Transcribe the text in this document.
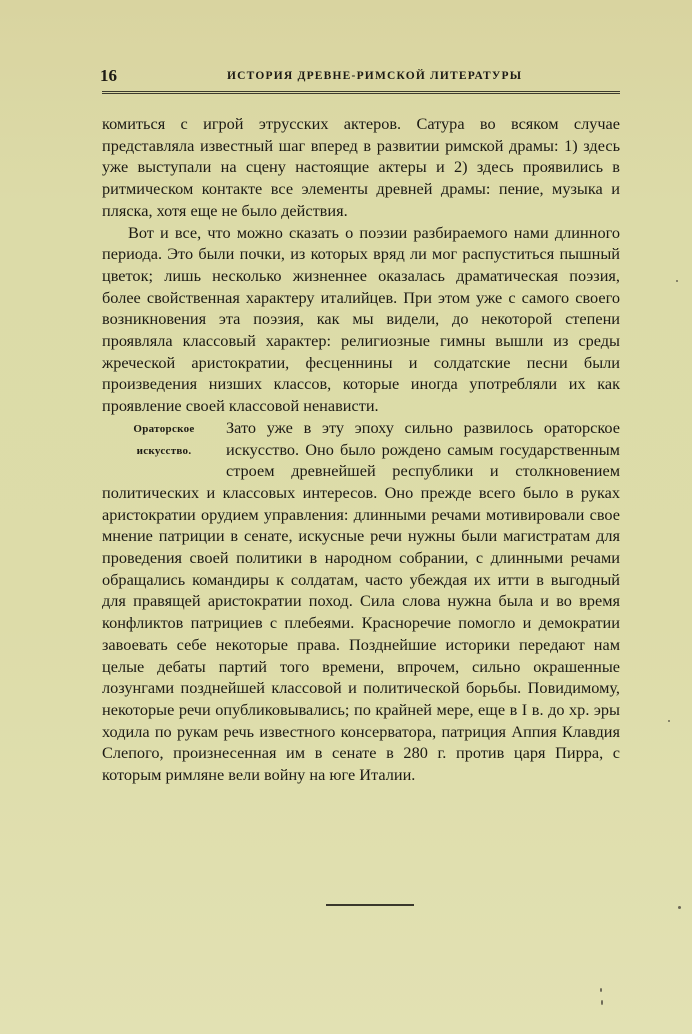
16	ИСТОРИЯ ДРЕВНЕ-РИМСКОЙ ЛИТЕРАТУРЫ

комиться с игрой этрусских актеров. Сатура во всяком случае представляла известный шаг вперед в развитии римской драмы: 1) здесь уже выступали на сцену настоящие актеры и 2) здесь проявились в ритмическом контакте все элементы древней драмы: пение, музыка и пляска, хотя еще не было действия.

Вот и все, что можно сказать о поэзии разбираемого нами длинного периода. Это были почки, из которых вряд ли мог распуститься пышный цветок; лишь несколько жизненнее оказалась драматическая поэзия, более свойственная характеру италийцев. При этом уже с самого своего возникновения эта поэзия, как мы видели, до некоторой степени проявляла классовый характер: религиозные гимны вышли из среды жреческой аристократии, фесценнины и солдатские песни были произведения низших классов, которые иногда употребляли их как проявление своей классовой ненависти.

Ораторское
искусство.

Зато уже в эту эпоху сильно развилось ораторское искусство. Оно было рождено самым государственным строем древнейшей республики и столкновением политических и классовых интересов. Оно прежде всего было в руках аристократии орудием управления: длинными речами мотивировали свое мнение патриции в сенате, искусные речи нужны были магистратам для проведения своей политики в народном собрании, с длинными речами обращались командиры к солдатам, часто убеждая их итти в выгодный для правящей аристократии поход. Сила слова нужна была и во время конфликтов патрициев с плебеями. Красноречие помогло и демократии завоевать себе некоторые права. Позднейшие историки передают нам целые дебаты партий того времени, впрочем, сильно окрашенные лозунгами позднейшей классовой и политической борьбы. Повидимому, некоторые речи опубликовывались; по крайней мере, еще в I в. до хр. эры ходила по рукам речь известного консерватора, патриция Аппия Клавдия Слепого, произнесенная им в сенате в 280 г. против царя Пирра, с которым римляне вели войну на юге Италии.
